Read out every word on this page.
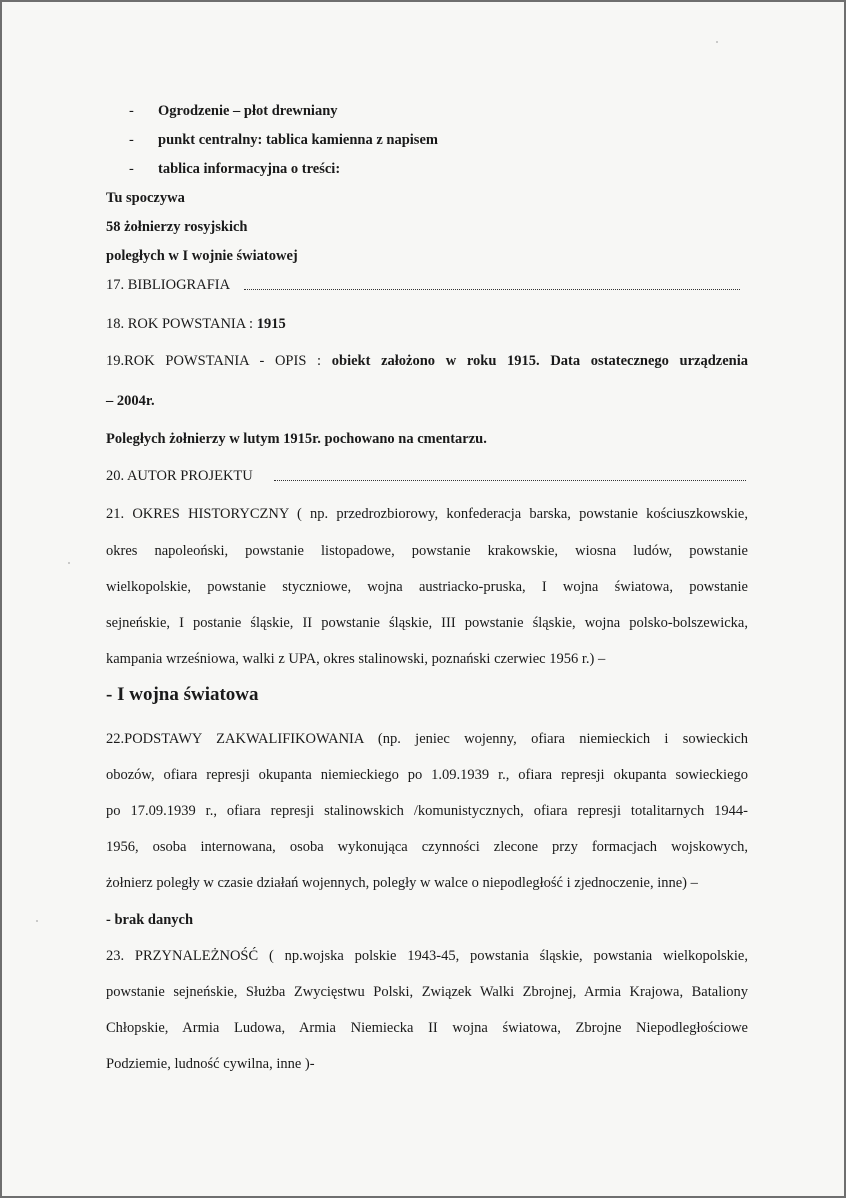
- Ogrodzenie – płot drewniany
- punkt centralny: tablica kamienna z napisem
- tablica informacyjna o treści:
Tu spoczywa
58 żołnierzy rosyjskich
poległych w I wojnie światowej
17. BIBLIOGRAFIA
18. ROK POWSTANIA : 1915
19.ROK POWSTANIA - OPIS : obiekt założono w roku 1915. Data ostatecznego urządzenia
– 2004r.
Poległych żołnierzy w lutym 1915r. pochowano na cmentarzu.
20. AUTOR PROJEKTU
21. OKRES HISTORYCZNY ( np. przedrozbiorowy, konfederacja barska, powstanie kościuszkowskie,
okres napoleoński, powstanie listopadowe, powstanie krakowskie, wiosna ludów, powstanie
wielkopolskie, powstanie styczniowe, wojna austriacko-pruska, I wojna światowa, powstanie
sejneńskie, I postanie śląskie, II powstanie śląskie, III powstanie śląskie, wojna polsko-bolszewicka,
kampania wrześniowa, walki z UPA, okres stalinowski, poznański czerwiec 1956 r.) –
- I wojna światowa
22.PODSTAWY ZAKWALIFIKOWANIA (np. jeniec wojenny, ofiara niemieckich i sowieckich
obozów, ofiara represji okupanta niemieckiego po 1.09.1939 r., ofiara represji okupanta sowieckiego
po 17.09.1939 r., ofiara represji stalinowskich /komunistycznych, ofiara represji totalitarnych 1944-
1956, osoba internowana, osoba wykonująca czynności zlecone przy formacjach wojskowych,
żołnierz poległy w czasie działań wojennych, poległy w walce o niepodległość i zjednoczenie, inne) –
- brak danych
23. PRZYNALEŻNOŚĆ ( np.wojska polskie 1943-45, powstania śląskie, powstania wielkopolskie,
powstanie sejneńskie, Służba Zwycięstwu Polski, Związek Walki Zbrojnej, Armia Krajowa, Bataliony
Chłopskie, Armia Ludowa, Armia Niemiecka II wojna światowa, Zbrojne Niepodległościowe
Podziemie, ludność cywilna, inne )-
